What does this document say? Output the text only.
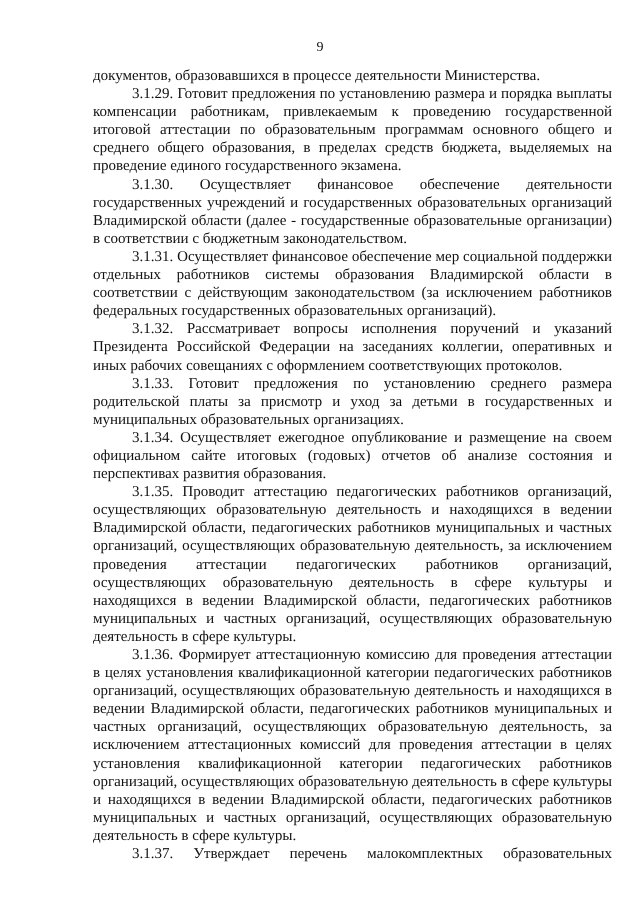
9

документов, образовавшихся в процессе деятельности Министерства.

3.1.29. Готовит предложения по установлению размера и порядка выплаты компенсации работникам, привлекаемым к проведению государственной итоговой аттестации по образовательным программам основного общего и среднего общего образования, в пределах средств бюджета, выделяемых на проведение единого государственного экзамена.

3.1.30. Осуществляет финансовое обеспечение деятельности государственных учреждений и государственных образовательных организаций Владимирской области (далее - государственные образовательные организации) в соответствии с бюджетным законодательством.

3.1.31. Осуществляет финансовое обеспечение мер социальной поддержки отдельных работников системы образования Владимирской области в соответствии с действующим законодательством (за исключением работников федеральных государственных образовательных организаций).

3.1.32. Рассматривает вопросы исполнения поручений и указаний Президента Российской Федерации на заседаниях коллегии, оперативных и иных рабочих совещаниях с оформлением соответствующих протоколов.

3.1.33. Готовит предложения по установлению среднего размера родительской платы за присмотр и уход за детьми в государственных и муниципальных образовательных организациях.

3.1.34. Осуществляет ежегодное опубликование и размещение на своем официальном сайте итоговых (годовых) отчетов об анализе состояния и перспективах развития образования.

3.1.35. Проводит аттестацию педагогических работников организаций, осуществляющих образовательную деятельность и находящихся в ведении Владимирской области, педагогических работников муниципальных и частных организаций, осуществляющих образовательную деятельность, за исключением проведения аттестации педагогических работников организаций, осуществляющих образовательную деятельность в сфере культуры и находящихся в ведении Владимирской области, педагогических работников муниципальных и частных организаций, осуществляющих образовательную деятельность в сфере культуры.

3.1.36. Формирует аттестационную комиссию для проведения аттестации в целях установления квалификационной категории педагогических работников организаций, осуществляющих образовательную деятельность и находящихся в ведении Владимирской области, педагогических работников муниципальных и частных организаций, осуществляющих образовательную деятельность, за исключением аттестационных комиссий для проведения аттестации в целях установления квалификационной категории педагогических работников организаций, осуществляющих образовательную деятельность в сфере культуры и находящихся в ведении Владимирской области, педагогических работников муниципальных и частных организаций, осуществляющих образовательную деятельность в сфере культуры.

3.1.37. Утверждает перечень малокомплектных образовательных
